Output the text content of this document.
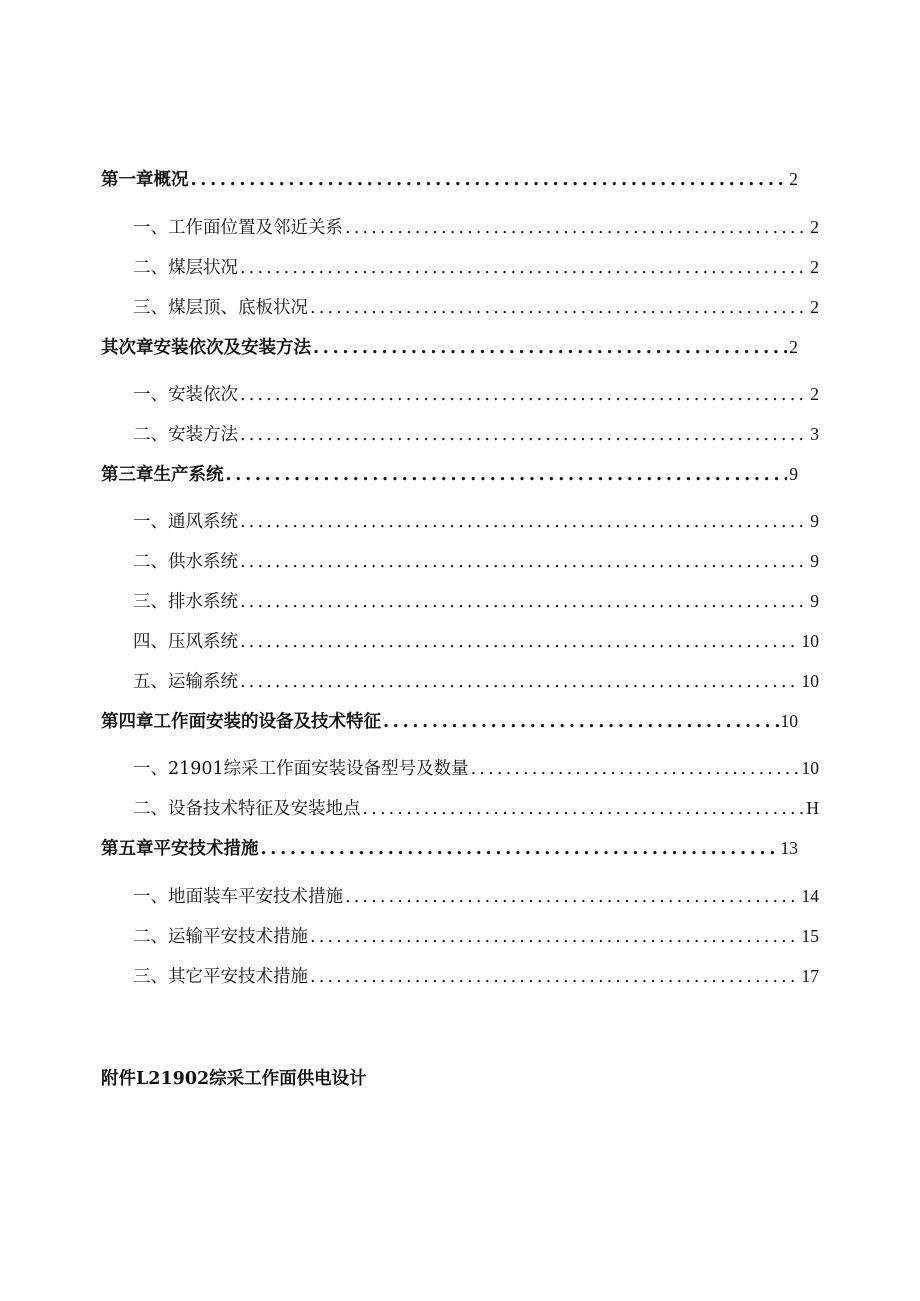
第一章概况 . . .	2
一、工作面位置及邻近关系 . . .	2
二、煤层状况 . . .	2
三、煤层顶、底板状况 . . .	2
其次章安装依次及安装方法 . . .	2
一、安装依次 . . .	2
二、安装方法 . . .	3
第三章生产系统 . . .	9
一、通风系统 . . .	9
二、供水系统 . . .	9
三、排水系统 . . .	9
四、压风系统 . . .	10
五、运输系统 . . .	10
第四章工作面安装的设备及技术特征 . . .	10
一、21901综采工作面安装设备型号及数量 . . .	10
二、设备技术特征及安装地点 . . .	H
第五章平安技术措施 . . .	13
一、地面装车平安技术措施 . . .	14
二、运输平安技术措施 . . .	15
三、其它平安技术措施 . . .	17
附件L21902综采工作面供电设计
